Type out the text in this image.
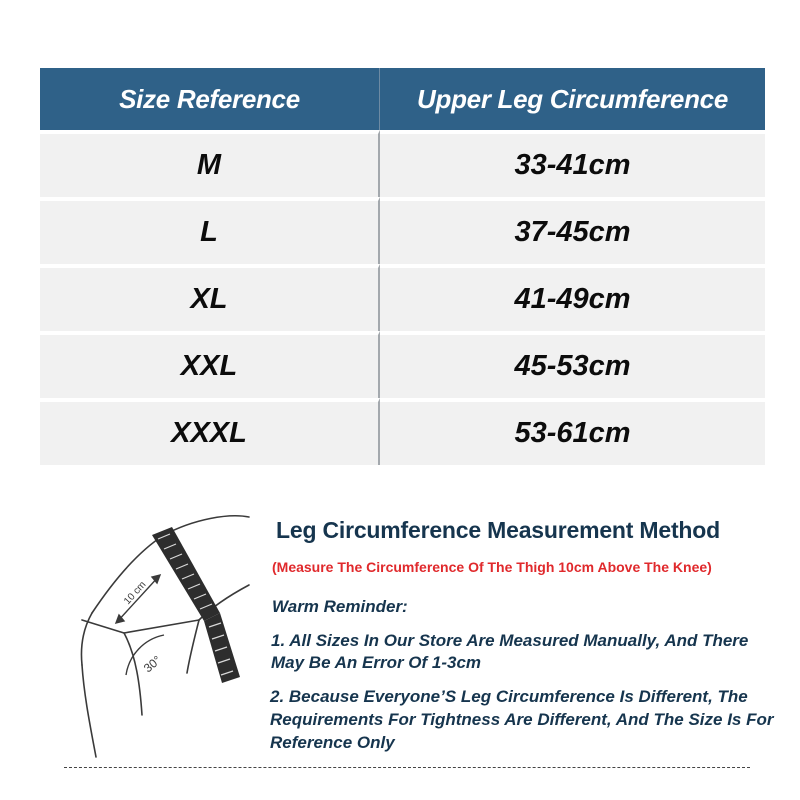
Size Reference	Upper Leg Circumference
M	33-41cm
L	37-45cm
XL	41-49cm
XXL	45-53cm
XXXL	53-61cm
10 cm
30°
Leg Circumference Measurement Method
(Measure The Circumference Of The Thigh 10cm Above The Knee)
Warm Reminder:
1. All Sizes In Our Store Are Measured Manually, And There May Be An Error Of 1-3cm
2. Because Everyone’S Leg Circumference Is Different, The Requirements For Tightness Are Different, And The Size Is For Reference Only
